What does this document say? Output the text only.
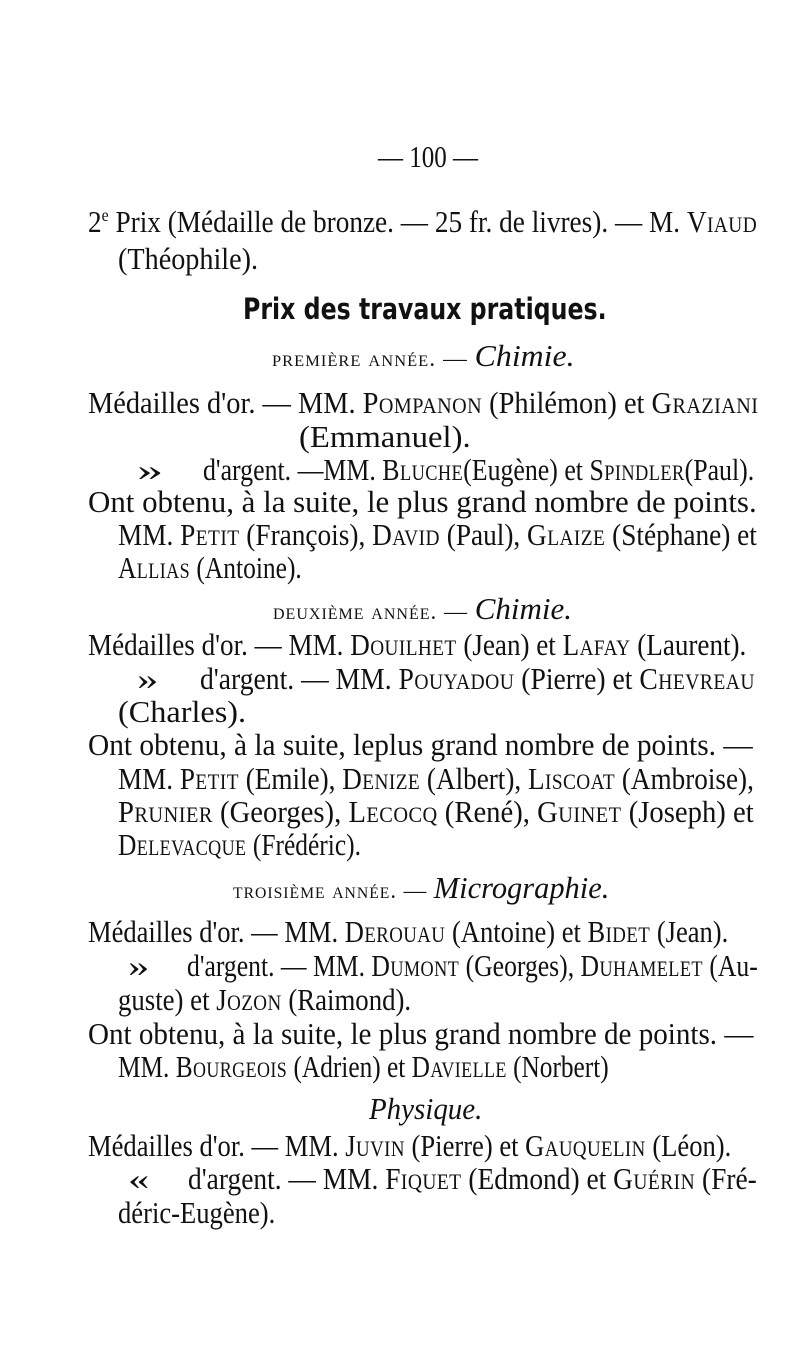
— 100 —
2e Prix (Médaille de bronze. — 25 fr. de livres). — M. Viaud
(Théophile).
Prix des travaux pratiques.
première année. — Chimie.
Médailles d'or. — MM. Pompanon (Philémon) et Graziani
(Emmanuel).
» d'argent. —MM. Bluche(Eugène) et Spindler(Paul).
Ont obtenu, à la suite, le plus grand nombre de points.
MM. Petit (François), David (Paul), Glaize (Stéphane) et
Allias (Antoine).
deuxième année. — Chimie.
Médailles d'or. — MM. Douilhet (Jean) et Lafay (Laurent).
» d'argent. — MM. Pouyadou (Pierre) et Chevreau
(Charles).
Ont obtenu, à la suite, leplus grand nombre de points. —
MM. Petit (Emile), Denize (Albert), Liscoat (Ambroise),
Prunier (Georges), Lecocq (René), Guinet (Joseph) et
Delevacque (Frédéric).
troisième année. — Micrographie.
Médailles d'or. — MM. Derouau (Antoine) et Bidet (Jean).
» d'argent. — MM. Dumont (Georges), Duhamelet (Au-
guste) et Jozon (Raimond).
Ont obtenu, à la suite, le plus grand nombre de points. —
MM. Bourgeois (Adrien) et Davielle (Norbert)
Physique.
Médailles d'or. — MM. Juvin (Pierre) et Gauquelin (Léon).
« d'argent. — MM. Fiquet (Edmond) et Guérin (Fré-
déric-Eugène).
